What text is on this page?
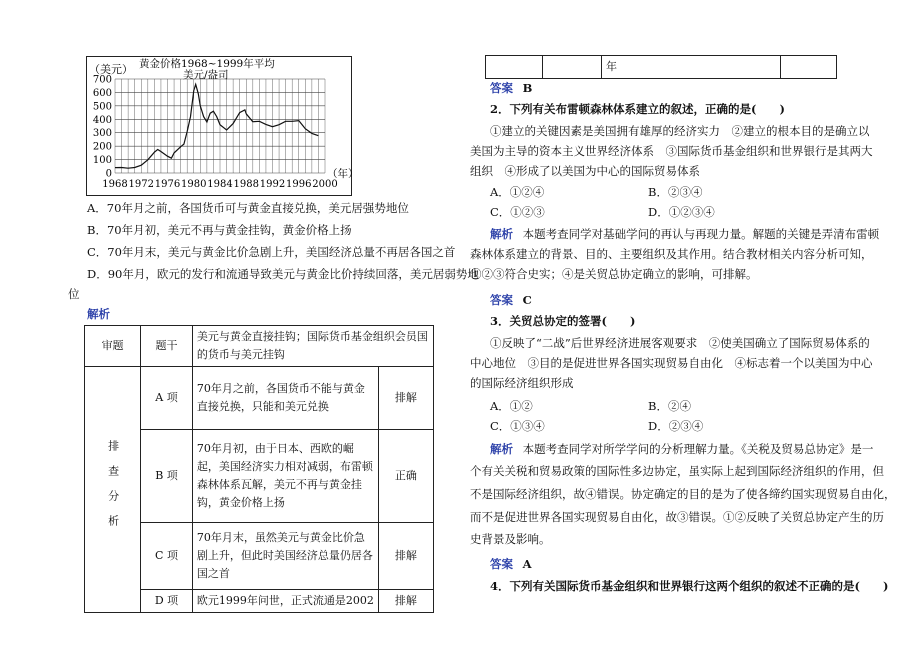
0
100
200
300
400
500
600
700
1968 1972 1976 1980 1984 1988 1992 1996 2000
（美元） 黄金价格1968~1999年平均
美元/盎司
（年）
A．70年月之前，各国货币可与黄金直接兑换，美元居强势地位
B．70年月初，美元不再与黄金挂钩，黄金价格上扬
C．70年月末，美元与黄金比价急剧上升，美国经济总量不再居各国之首
D．90年月，欧元的发行和流通导致美元与黄金比价持续回落，美元居弱势地
位
解析
审题	题干	美元与黄金直接挂钩；国际货币基金组织会员国的货币与美元挂钩	
排查分析	A 项	70年月之前，各国货币不能与黄金直接兑换，只能和美元兑换	排解
	B 项	70年月初，由于日本、西欧的崛起，美国经济实力相对减弱，布雷顿森林体系瓦解，美元不再与黄金挂钩，黄金价格上扬	正确
	C 项	70年月末，虽然美元与黄金比价急剧上升，但此时美国经济总量仍居各国之首	排解
	D 项	欧元1999年问世，正式流通是2002	排解
		年	
答案 B
2．下列有关布雷顿森林体系建立的叙述，正确的是(　　)
①建立的关键因素是美国拥有雄厚的经济实力　②建立的根本目的是确立以
美国为主导的资本主义世界经济体系　③国际货币基金组织和世界银行是其两大
组织　④形成了以美国为中心的国际贸易体系
A．①②④	B．②③④
C．①②③	D．①②③④
解析 本题考查同学对基础学问的再认与再现力量。解题的关键是弄清布雷顿
森林体系建立的背景、目的、主要组织及其作用。结合教材相关内容分析可知，
①②③符合史实；④是关贸总协定确立的影响，可排解。
答案 C
3．关贸总协定的签署(　　)
①反映了“二战”后世界经济进展客观要求　②使美国确立了国际贸易体系的
中心地位　③目的是促进世界各国实现贸易自由化　④标志着一个以美国为中心
的国际经济组织形成
A．①②	B．②④
C．①③④	D．②③④
解析 本题考查同学对所学学问的分析理解力量。《关税及贸易总协定》是一
个有关关税和贸易政策的国际性多边协定，虽实际上起到国际经济组织的作用，但
不是国际经济组织，故④错误。协定确定的目的是为了使各缔约国实现贸易自由化，
而不是促进世界各国实现贸易自由化，故③错误。①②反映了关贸总协定产生的历
史背景及影响。
答案 A
4．下列有关国际货币基金组织和世界银行这两个组织的叙述不正确的是(　　)
